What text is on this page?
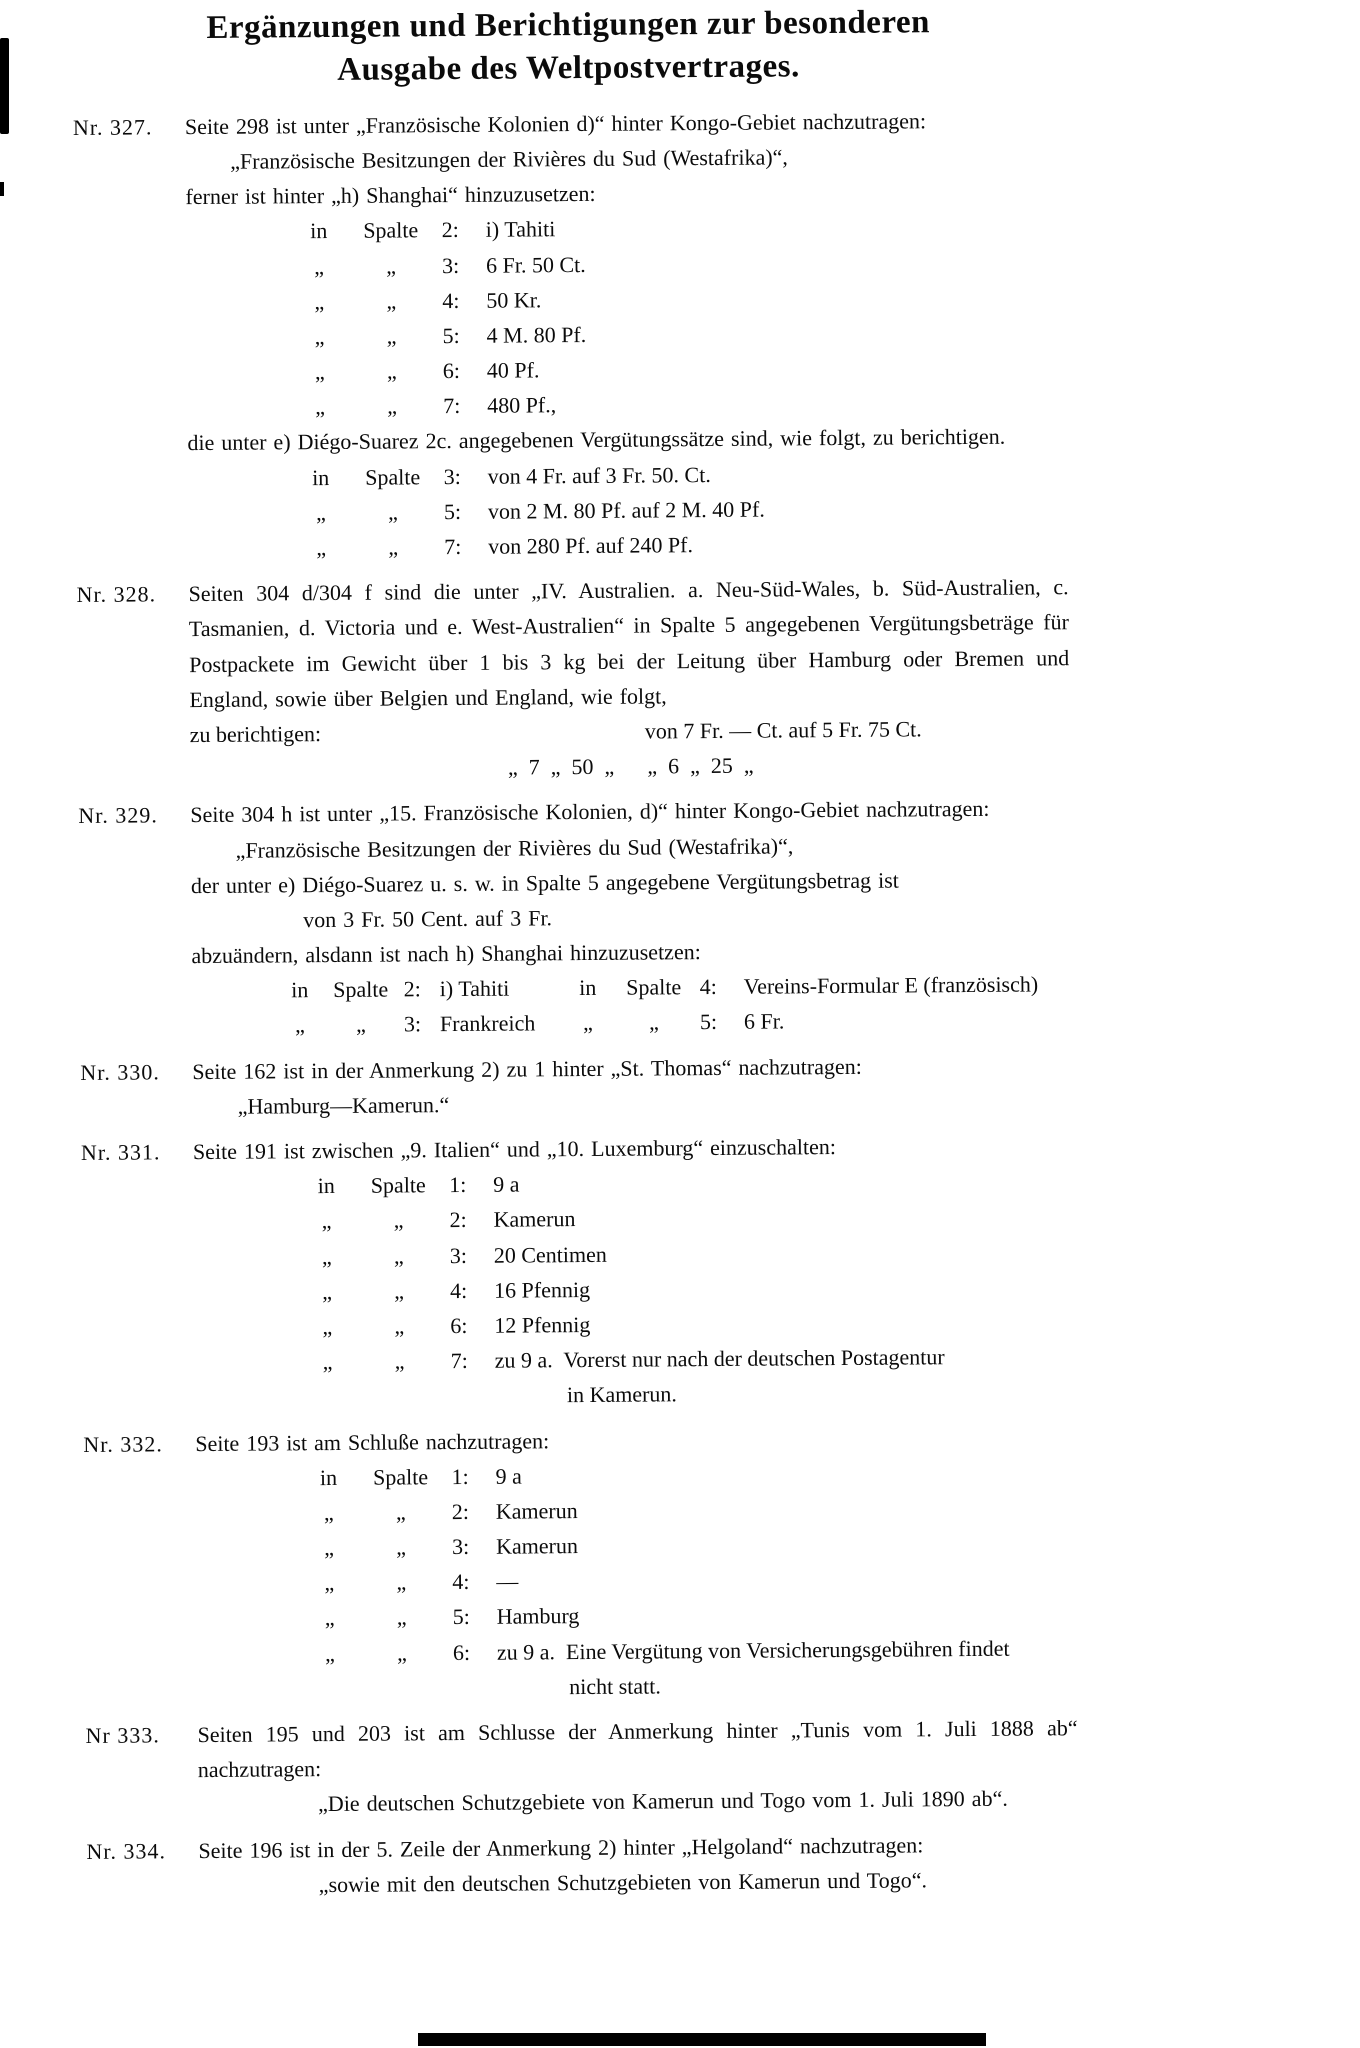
Ergänzungen und Berichtigungen zur besonderen
Ausgabe des Weltpostvertrages.
Nr. 327.	Seite 298 ist unter „Französische Kolonien d)“ hinter Kongo-Gebiet nachzutragen:

„Französische Besitzungen der Rivières du Sud (Westafrika)“,

ferner ist hinter „h) Shanghai“ hinzuzusetzen:

in	Spalte	2:	i) Tahiti
„	„	3:	6 Fr. 50 Ct.
„	„	4:	50 Kr.
„	„	5:	4 M. 80 Pf.
„	„	6:	40 Pf.
„	„	7:	480 Pf.,

die unter e) Diégo-Suarez 2c. angegebenen Vergütungssätze sind, wie folgt, zu berichtigen.

in	Spalte	3:	von 4 Fr. auf 3 Fr. 50. Ct.
„	„	5:	von 2 M. 80 Pf. auf 2 M. 40 Pf.
„	„	7:	von 280 Pf. auf 240 Pf.
Nr. 328.	Seiten 304 d/304 f sind die unter „IV. Australien. a. Neu-Süd-Wales, b. Süd-Australien, c. Tasmanien, d. Victoria und e. West-Australien“ in Spalte 5 angegebenen Vergütungsbeträge für Postpackete im Gewicht über 1 bis 3 kg bei der Leitung über Hamburg oder Bremen und England, sowie über Belgien und England, wie folgt,

zu berichtigen:	von 7 Fr. — Ct. auf 5 Fr. 75 Ct.

„  7  „  50  „      „  6  „  25  „

Nr. 329.	Seite 304 h ist unter „15. Französische Kolonien, d)“ hinter Kongo-Gebiet nachzutragen:

„Französische Besitzungen der Rivières du Sud (Westafrika)“,

der unter e) Diégo-Suarez u. s. w. in Spalte 5 angegebene Vergütungsbetrag ist

von 3 Fr. 50 Cent. auf 3 Fr.

abzuändern, alsdann ist nach h) Shanghai hinzuzusetzen:

in	Spalte 2: i) Tahiti	in	Spalte 4:	Vereins-Formular E (französisch)
„	„	3: Frankreich	„	„	5:	6 Fr.
Nr. 330.	Seite 162 ist in der Anmerkung 2) zu 1 hinter „St. Thomas“ nachzutragen:

„Hamburg—Kamerun.“

Nr. 331.	Seite 191 ist zwischen „9. Italien“ und „10. Luxemburg“ einzuschalten:

in	Spalte	1:	9 a
„	„	2:	Kamerun
„	„	3:	20 Centimen
„	„	4:	16 Pfennig
„	„	6:	12 Pfennig
„	„	7:	zu 9 a.  Vorerst nur nach der deutschen Postagentur
in Kamerun.
Nr. 332.	Seite 193 ist am Schluße nachzutragen:

in	Spalte	1:	9 a
„	„	2:	Kamerun
„	„	3:	Kamerun
„	„	4:	—
„	„	5:	Hamburg
„	„	6:	zu 9 a.  Eine Vergütung von Versicherungsgebühren findet
nicht statt.
Nr 333.	Seiten 195 und 203 ist am Schlusse der Anmerkung hinter „Tunis vom 1. Juli 1888 ab“ nachzutragen:

„Die deutschen Schutzgebiete von Kamerun und Togo vom 1. Juli 1890 ab“.

Nr. 334.	Seite 196 ist in der 5. Zeile der Anmerkung 2) hinter „Helgoland“ nachzutragen:

„sowie mit den deutschen Schutzgebieten von Kamerun und Togo“.
